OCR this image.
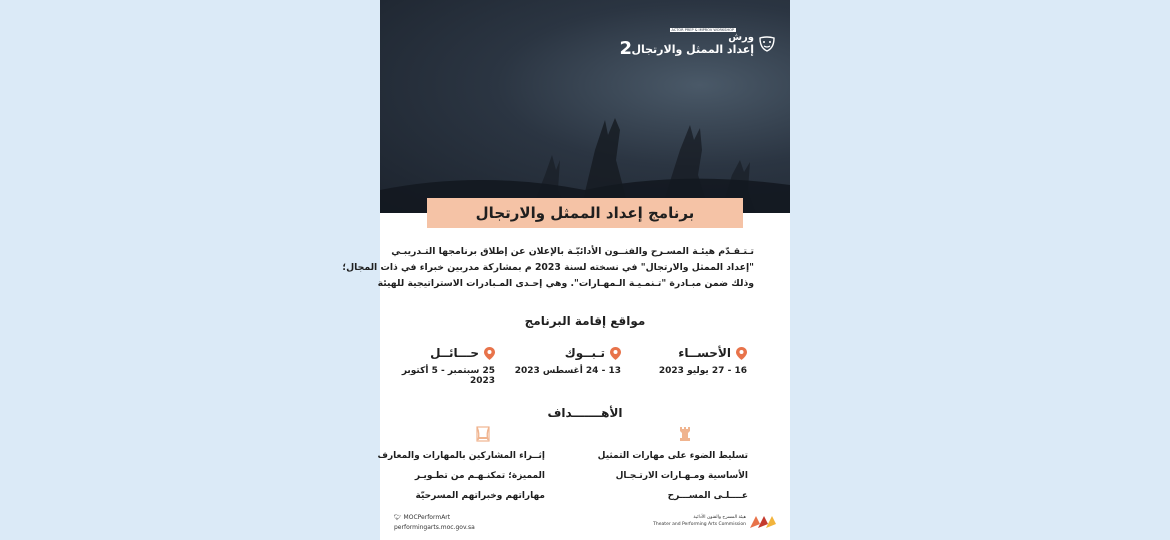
ACTOR PREP & IMPROV WORKSHOP
ورش
إعداد الممثل والارتجال
2
برنامج إعداد الممثل والارتجال

تـتـقـدّم هيئـة المسـرح والفنــون الأدائيّـة بالإعلان عن إطلاق برنامجها التـدريبـي

"إعداد الممثل والارتجال" في نسخته لسنة 2023 م بمشاركة مدربين خبراء في ذات المجال؛

وذلك ضمن مبـادرة "تـنمـيـة الـمهـارات". وهي إحـدى المـبادرات الاستراتيجية للهيئة

مواقع إقامة البرنامج
الأحســاء
16 - 27 يوليو 2023
تـبــوك
13 - 24 أغسطس 2023
حـــائــل
25 سبتمبر - 5 أكتوبر 2023
الأهـــــــداف

تسليط الضوء على مهارات التمثيل

الأساسية ومـهـارات الارتـجـال

عــــلـى المســـرح

إثــراء المشاركين بالمهارات والمعارف

المميزة؛ تمكنـهـم من تطـويـر

مهاراتهم وخبراتهم المسرحيّة

🐦︎ MOCPerformArt
performingarts.moc.gov.sa
هيئة المسرح والفنون الأدائية
Theater and Performing Arts Commission
